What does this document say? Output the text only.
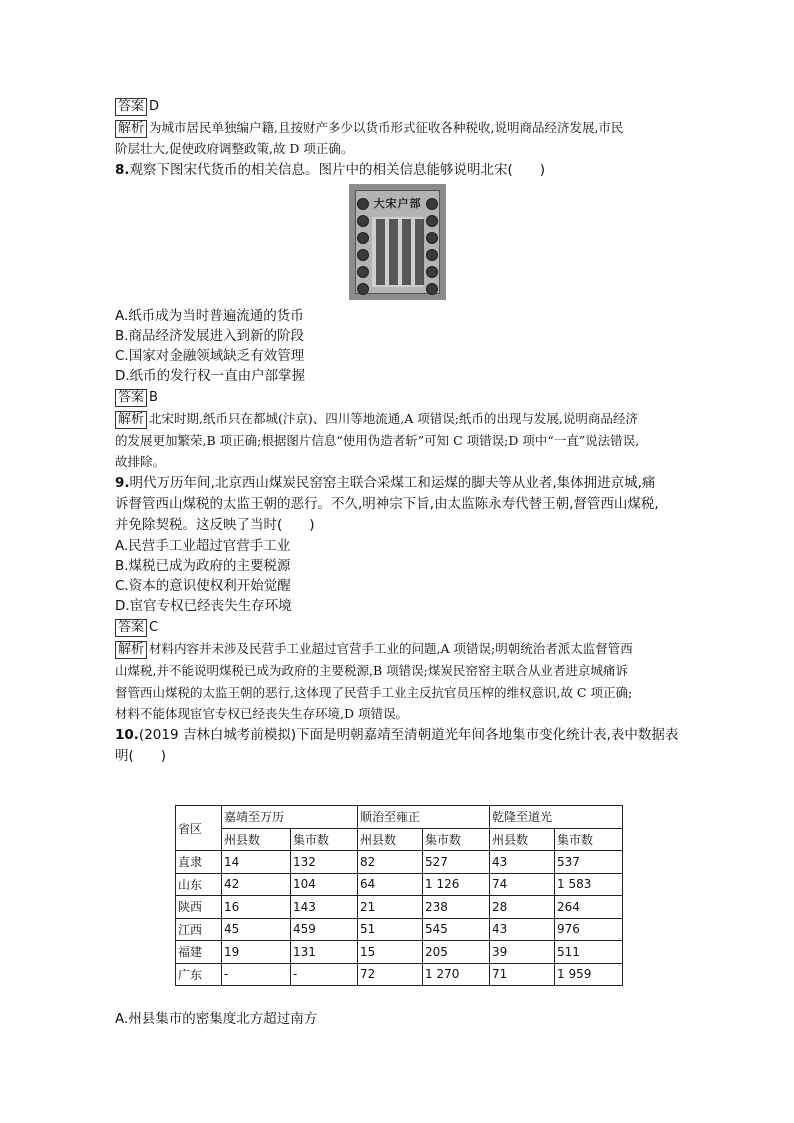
答案 D
解析 为城市居民单独编户籍,且按财产多少以货币形式征收各种税收,说明商品经济发展,市民
阶层壮大,促使政府调整政策,故 D 项正确。
8.观察下图宋代货币的相关信息。图片中的相关信息能够说明北宋(　　)
大宋户部
A.纸币成为当时普遍流通的货币
B.商品经济发展进入到新的阶段
C.国家对金融领域缺乏有效管理
D.纸币的发行权一直由户部掌握
答案 B
解析 北宋时期,纸币只在都城(汴京)、四川等地流通,A 项错误;纸币的出现与发展,说明商品经济
的发展更加繁荣,B 项正确;根据图片信息“使用伪造者斩”可知 C 项错误;D 项中“一直”说法错误,
故排除。
9.明代万历年间,北京西山煤炭民窑窑主联合采煤工和运煤的脚夫等从业者,集体拥进京城,痛
诉督管西山煤税的太监王朝的恶行。不久,明神宗下旨,由太监陈永寿代替王朝,督管西山煤税,
并免除契税。这反映了当时(　　)
A.民营手工业超过官营手工业
B.煤税已成为政府的主要税源
C.资本的意识使权利开始觉醒
D.宦官专权已经丧失生存环境
答案 C
解析 材料内容并未涉及民营手工业超过官营手工业的问题,A 项错误;明朝统治者派太监督管西
山煤税,并不能说明煤税已成为政府的主要税源,B 项错误;煤炭民窑窑主联合从业者进京城痛诉
督管西山煤税的太监王朝的恶行,这体现了民营手工业主反抗官员压榨的维权意识,故 C 项正确;
材料不能体现宦官专权已经丧失生存环境,D 项错误。
10.(2019 吉林白城考前模拟)下面是明朝嘉靖至清朝道光年间各地集市变化统计表,表中数据表
明(　　)
省区	嘉靖至万历		顺治至雍正		乾隆至道光	
	州县数	集市数	州县数	集市数	州县数	集市数
直隶	14	132	82	527	43	537
山东	42	104	64	1 126	74	1 583
陕西	16	143	21	238	28	264
江西	45	459	51	545	43	976
福建	19	131	15	205	39	511
广东	-	-	72	1 270	71	1 959
A.州县集市的密集度北方超过南方
